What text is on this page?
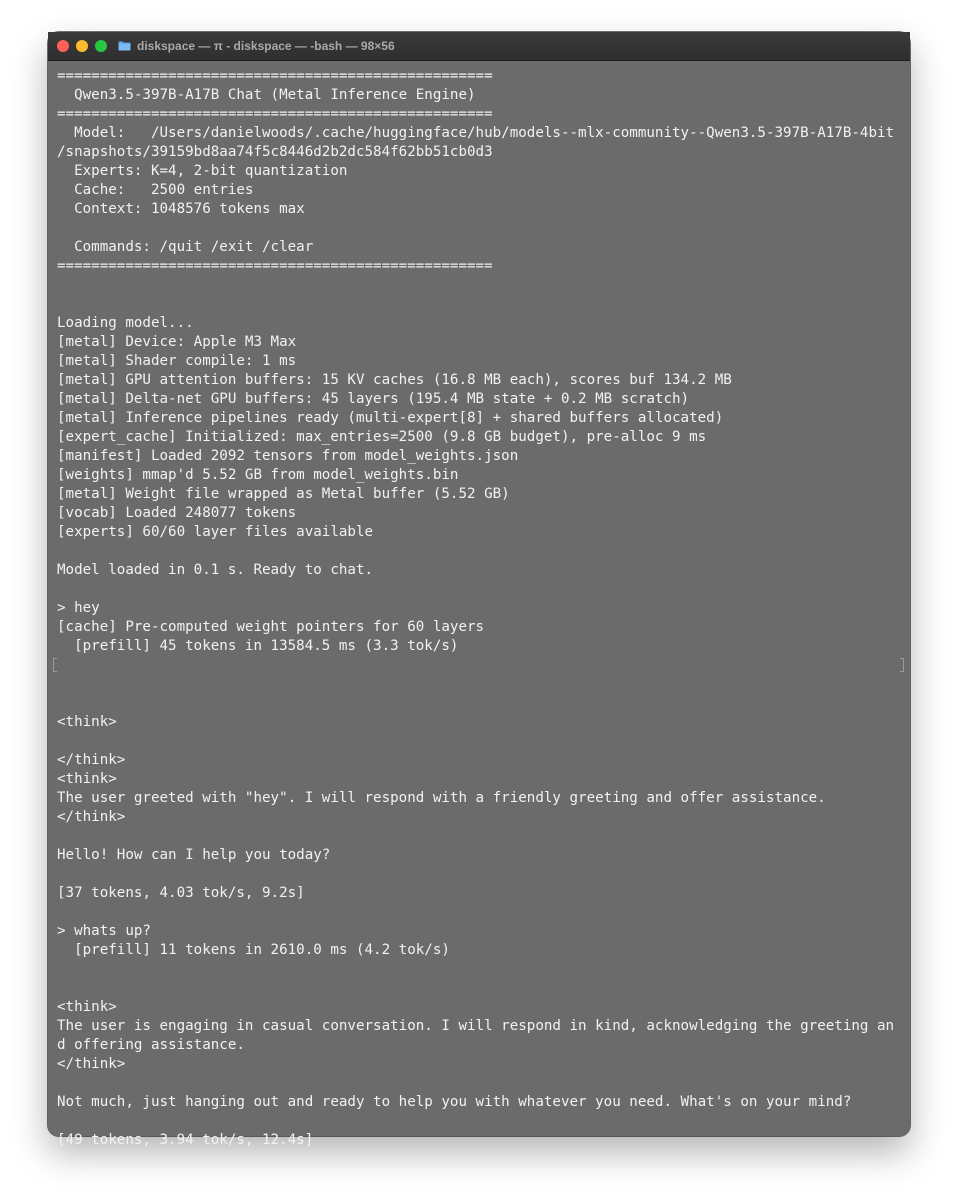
diskspace — π - diskspace — -bash — 98×56
===================================================
Qwen3.5-397B-A17B Chat (Metal Inference Engine)
===================================================
Model:   /Users/danielwoods/.cache/huggingface/hub/models--mlx-community--Qwen3.5-397B-A17B-4bit
/snapshots/39159bd8aa74f5c8446d2b2dc584f62bb51cb0d3
Experts: K=4, 2-bit quantization
Cache:   2500 entries
Context: 1048576 tokens max
Commands: /quit /exit /clear
===================================================
Loading model...
[metal] Device: Apple M3 Max
[metal] Shader compile: 1 ms
[metal] GPU attention buffers: 15 KV caches (16.8 MB each), scores buf 134.2 MB
[metal] Delta-net GPU buffers: 45 layers (195.4 MB state + 0.2 MB scratch)
[metal] Inference pipelines ready (multi-expert[8] + shared buffers allocated)
[expert_cache] Initialized: max_entries=2500 (9.8 GB budget), pre-alloc 9 ms
[manifest] Loaded 2092 tensors from model_weights.json
[weights] mmap'd 5.52 GB from model_weights.bin
[metal] Weight file wrapped as Metal buffer (5.52 GB)
[vocab] Loaded 248077 tokens
[experts] 60/60 layer files available
Model loaded in 0.1 s. Ready to chat.
> hey
[cache] Pre-computed weight pointers for 60 layers
[prefill] 45 tokens in 13584.5 ms (3.3 tok/s)
<think>
</think>
<think>
The user greeted with "hey". I will respond with a friendly greeting and offer assistance.
</think>
Hello! How can I help you today?
[37 tokens, 4.03 tok/s, 9.2s]
> whats up?
[prefill] 11 tokens in 2610.0 ms (4.2 tok/s)
<think>
The user is engaging in casual conversation. I will respond in kind, acknowledging the greeting an
d offering assistance.
</think>
Not much, just hanging out and ready to help you with whatever you need. What's on your mind?
[49 tokens, 3.94 tok/s, 12.4s]
